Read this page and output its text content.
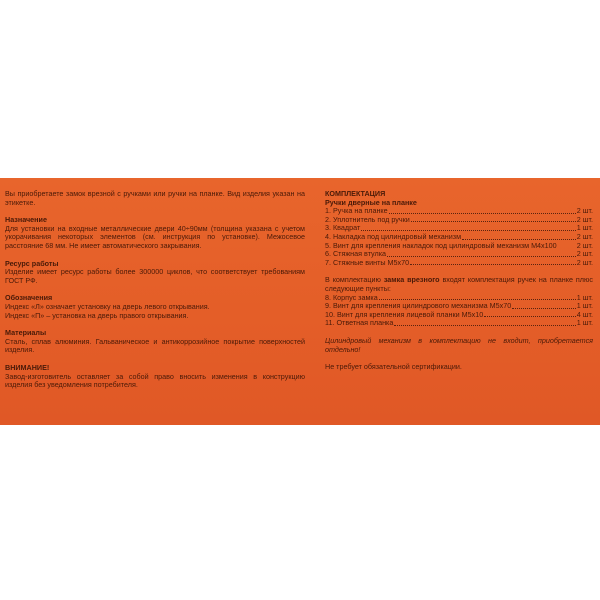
Вы приобретаете замок врезной с ручками или ручки на планке. Вид изделия указан на этикетке.

Назначение

Для установки на входные металлические двери 40÷90мм (толщина указана с учетом укорачивания некоторых элементов (см. инструкция по установке). Межосевое расстояние 68 мм. Не имеет автоматического закрывания.

Ресурс работы

Изделие имеет ресурс работы более 300000 циклов, что соответствует требованиям ГОСТ РФ.

Обозначения

Индекс «Л» означает установку на дверь левого открывания.

Индекс «П» – установка на дверь правого открывания.

Материалы

Сталь, сплав алюминия. Гальваническое и антикоррозийное покрытие поверхностей изделия.

ВНИМАНИЕ!

Завод-изготовитель оставляет за собой право вносить изменения в конструкцию изделия без уведомления потребителя.

КОМПЛЕКТАЦИЯ

Ручки дверные на планке

1. Ручка на планке	2 шт.
2. Уплотнитель под ручки	2 шт.
3. Квадрат	1 шт.
4. Накладка под цилиндровый механизм	2 шт.
5. Винт для крепления накладок под цилиндровый механизм М4х100	2 шт.
6. Стяжная втулка	2 шт.
7. Стяжные винты М5х70	2 шт.

В комплектацию замка врезного входят комплектация ручек на планке плюс следующие пункты:

8. Корпус замка	1 шт.
9. Винт для крепления цилиндрового механизма М5х70	1 шт.
10. Винт для крепления лицевой планки М5х10	4 шт.
11. Ответная планка	1 шт.

Цилиндровый механизм в комплектацию не входит, приобретается отдельно!

Не требует обязательной сертификации.
